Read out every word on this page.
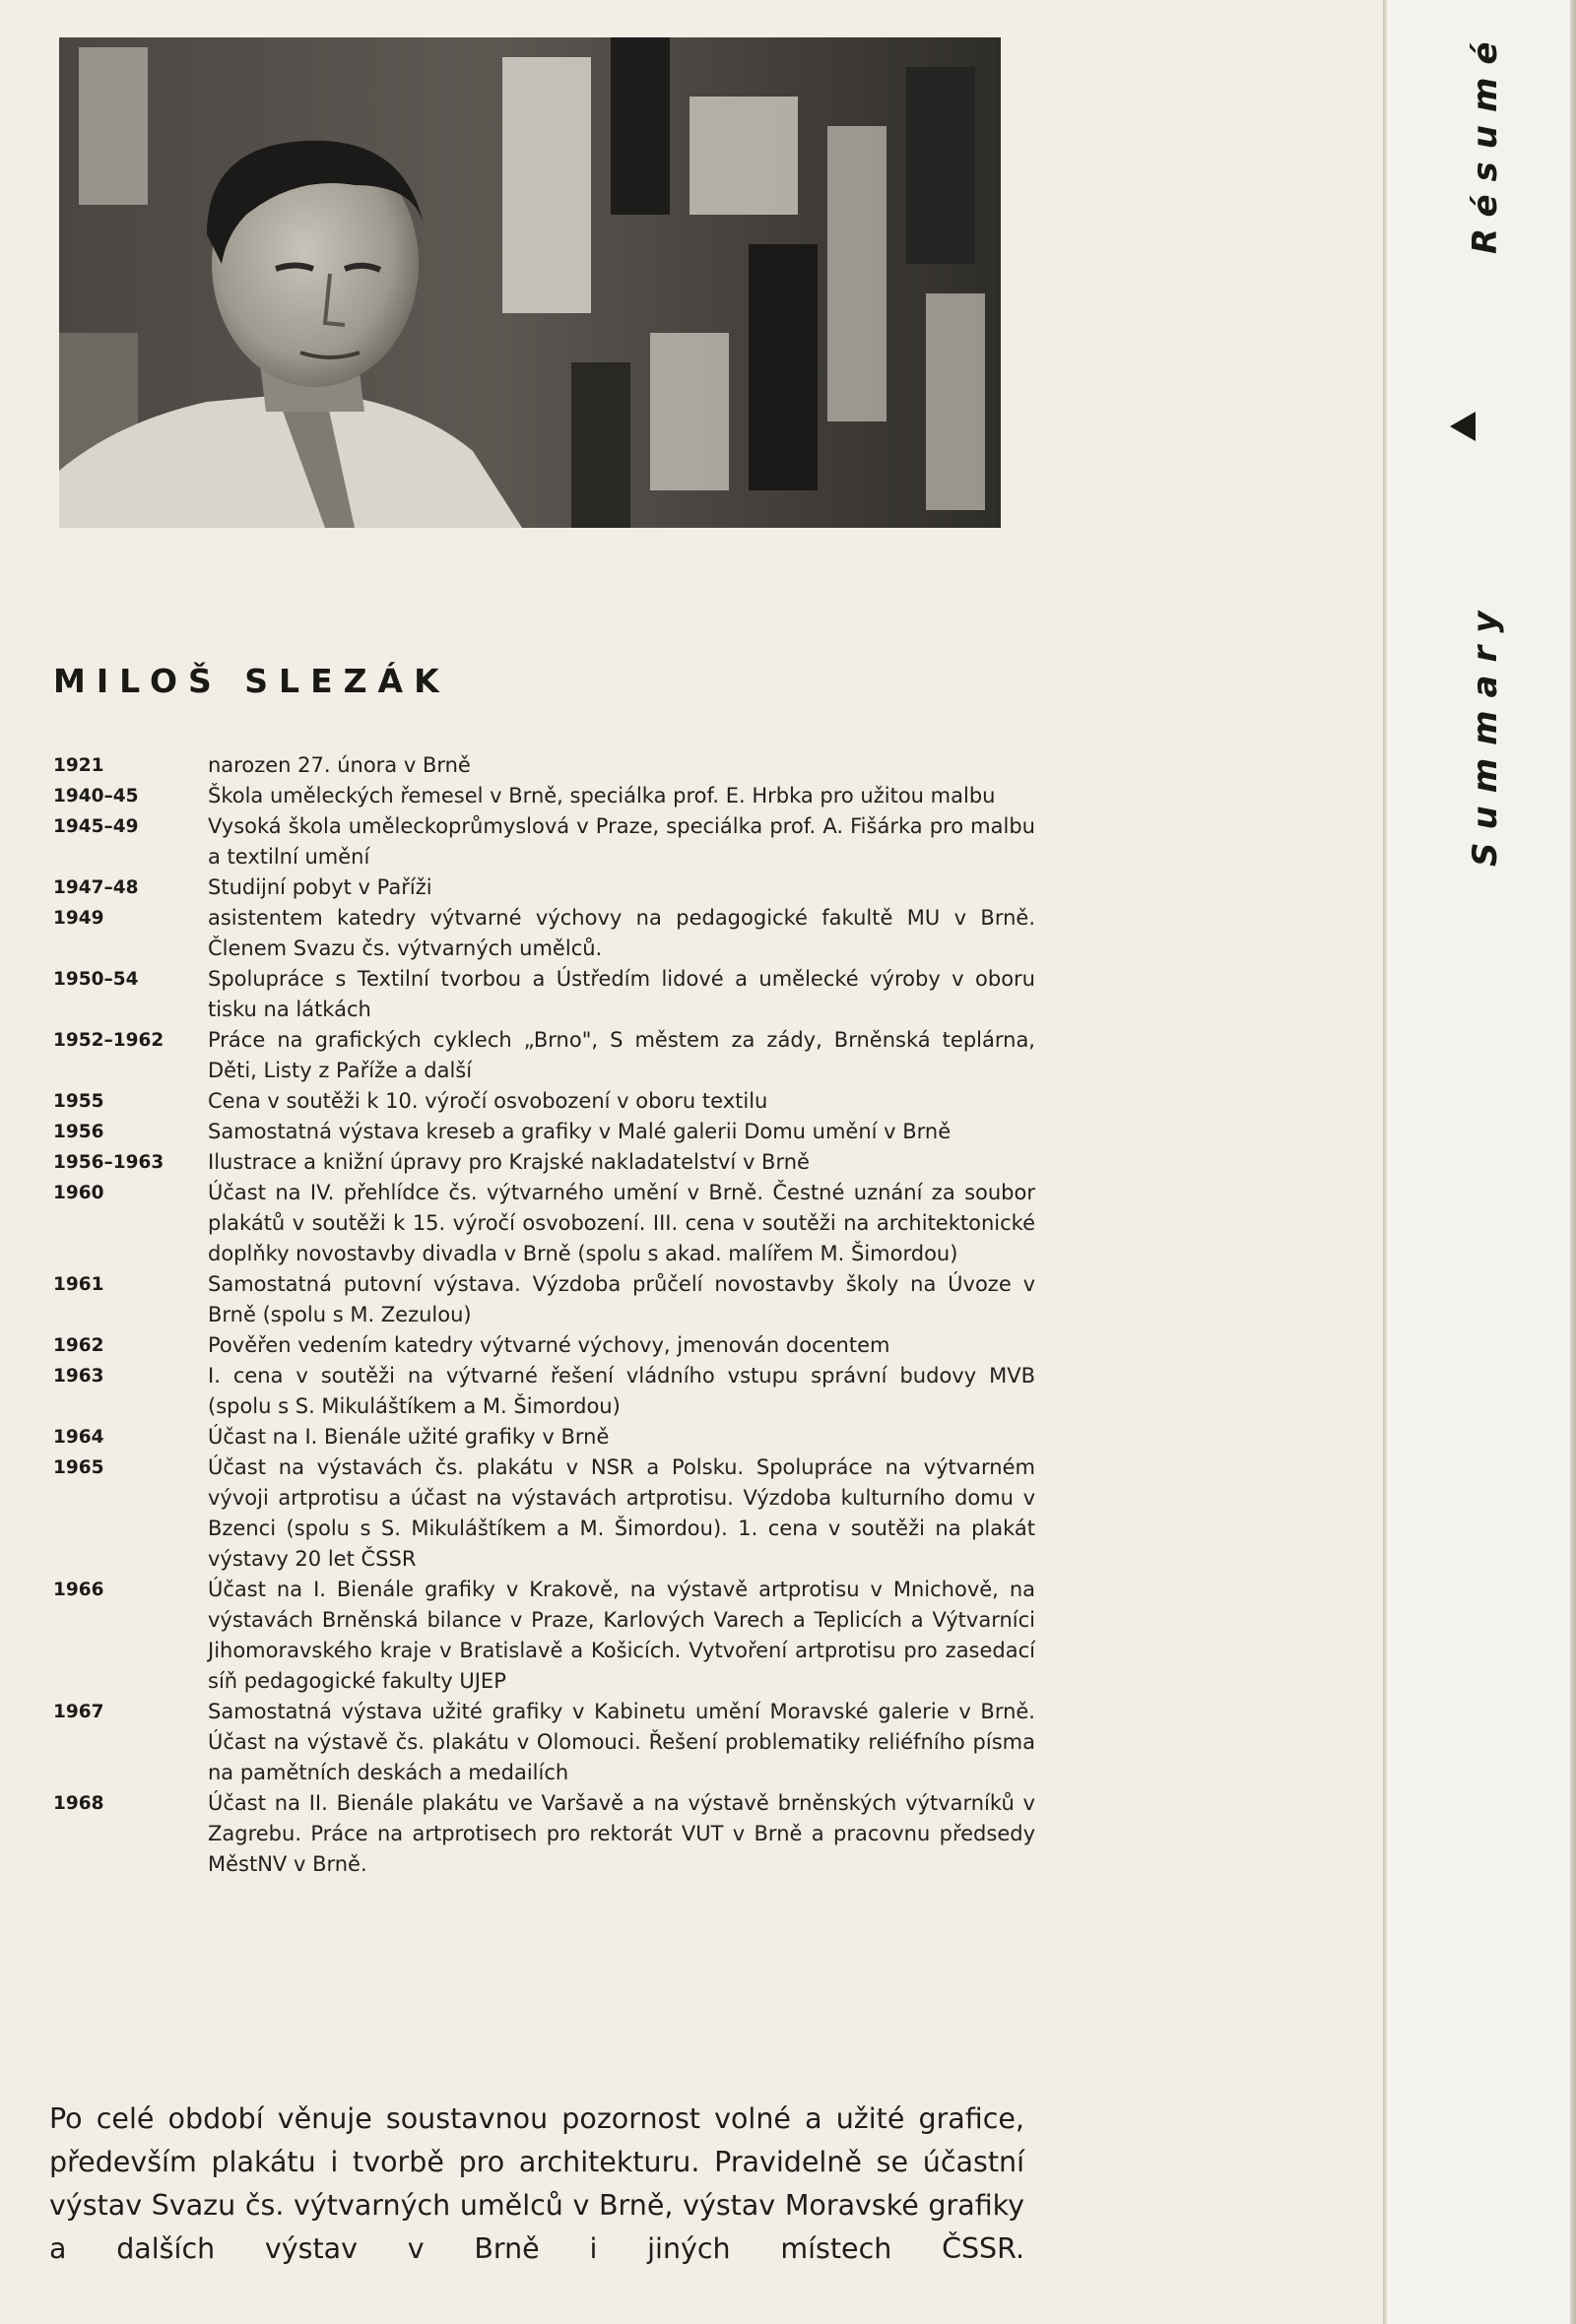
MILOŠ SLEZÁK
1921	narozen 27. února v Brně
1940–45	Škola uměleckých řemesel v Brně, speciálka prof. E. Hrbka pro užitou malbu
1945–49	Vysoká škola uměleckoprůmyslová v Praze, speciálka prof. A. Fišárka pro malbu a textilní umění
1947–48	Studijní pobyt v Paříži
1949	asistentem katedry výtvarné výchovy na pedagogické fakultě MU v Brně. Členem Svazu čs. výtvarných umělců.
1950–54	Spolupráce s Textilní tvorbou a Ústředím lidové a umělecké výroby v oboru tisku na látkách
1952–1962	Práce na grafických cyklech „Brno", S městem za zády, Brněnská teplárna, Děti, Listy z Paříže a další
1955	Cena v soutěži k 10. výročí osvobození v oboru textilu
1956	Samostatná výstava kreseb a grafiky v Malé galerii Domu umění v Brně
1956–1963	Ilustrace a knižní úpravy pro Krajské nakladatelství v Brně
1960	Účast na IV. přehlídce čs. výtvarného umění v Brně. Čestné uznání za soubor plakátů v soutěži k 15. výročí osvobození. III. cena v soutěži na architektonické doplňky novostavby divadla v Brně (spolu s akad. malířem M. Šimordou)
1961	Samostatná putovní výstava. Výzdoba průčelí novostavby školy na Úvoze v Brně (spolu s M. Zezulou)
1962	Pověřen vedením katedry výtvarné výchovy, jmenován docentem
1963	I. cena v soutěži na výtvarné řešení vládního vstupu správní budovy MVB (spolu s S. Mikuláštíkem a M. Šimordou)
1964	Účast na I. Bienále užité grafiky v Brně
1965	Účast na výstavách čs. plakátu v NSR a Polsku. Spolupráce na výtvarném vývoji artprotisu a účast na výstavách artprotisu. Výzdoba kulturního domu v Bzenci (spolu s S. Mikuláštíkem a M. Šimordou). 1. cena v soutěži na plakát výstavy 20 let ČSSR
1966	Účast na I. Bienále grafiky v Krakově, na výstavě artprotisu v Mnichově, na výstavách Brněnská bilance v Praze, Karlových Varech a Teplicích a Výtvarníci Jihomoravského kraje v Bratislavě a Košicích. Vytvoření artprotisu pro zasedací síň pedagogické fakulty UJEP
1967	Samostatná výstava užité grafiky v Kabinetu umění Moravské galerie v Brně. Účast na výstavě čs. plakátu v Olomouci. Řešení problematiky reliéfního písma na pamětních deskách a medailích
1968	Účast na II. Bienále plakátu ve Varšavě a na výstavě brněnských výtvarníků v Zagrebu. Práce na artprotisech pro rektorát VUT v Brně a pracovnu předsedy MěstNV v Brně.
Po celé období věnuje soustavnou pozornost volné a užité grafice, především plakátu i tvorbě pro architekturu. Pravidelně se účastní výstav Svazu čs. výtvarných umělců v Brně, výstav Moravské grafiky a dalších výstav v Brně i jiných místech ČSSR.
Résumé
Summary
